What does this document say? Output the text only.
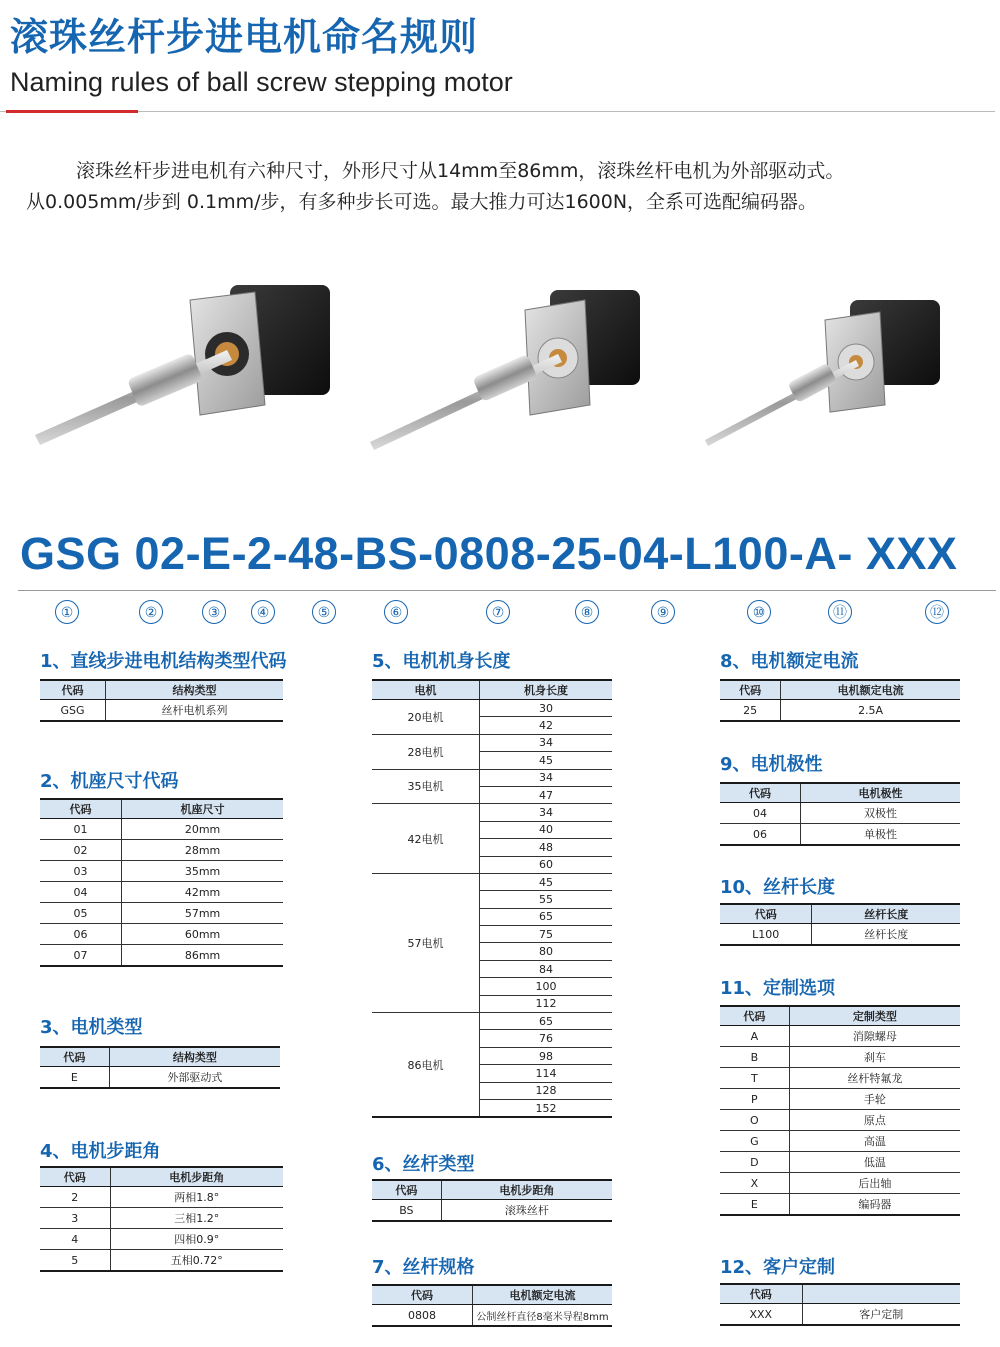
滚珠丝杆步进电机命名规则
Naming rules of ball screw stepping motor

滚珠丝杆步进电机有六种尺寸，外形尺寸从14mm至86mm，滚珠丝杆电机为外部驱动式。

从0.005mm/步到 0.1mm/步，有多种步长可选。最大推力可达1600N，全系可选配编码器。

GSG 02-E-2-48-BS-0808-25-04-L100-A- XXX
①	②	③	④	⑤	⑥	⑦	⑧	⑨	⑩	⑪	⑫
1、直线步进电机结构类型代码
代码	结构类型
GSG	丝杆电机系列
2、机座尺寸代码
代码	机座尺寸
01	20mm
02	28mm
03	35mm
04	42mm
05	57mm
06	60mm
07	86mm
3、电机类型
代码	结构类型
E	外部驱动式
4、电机步距角
代码	电机步距角
2	两相1.8°
3	三相1.2°
4	四相0.9°
5	五相0.72°
5、电机机身长度
电机	机身长度
20电机	30
	42
28电机	34
	45
35电机	34
	47
42电机	34
	40
	48
	60
57电机	45
	55
	65
	75
	80
	84
	100
	112
86电机	65
	76
	98
	114
	128
	152
6、丝杆类型
代码	电机步距角
BS	滚珠丝杆
7、丝杆规格
代码	电机额定电流
0808	公制丝杆直径8毫米导程8mm
8、电机额定电流
代码	电机额定电流
25	2.5A
9、电机极性
代码	电机极性
04	双极性
06	单极性
10、丝杆长度
代码	丝杆长度
L100	丝杆长度
11、定制选项
代码	定制类型
A	消隙螺母
B	刹车
T	丝杆特氟龙
P	手轮
O	原点
G	高温
D	低温
X	后出轴
E	编码器
12、客户定制
代码	
XXX	客户定制
